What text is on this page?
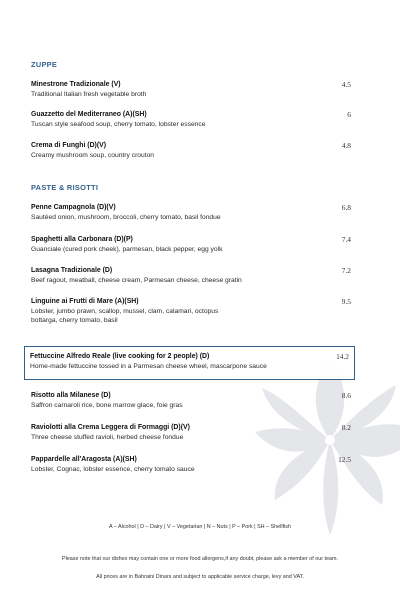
ZUPPE
Minestrone Tradizionale (V)
Traditional Italian fresh vegetable broth
4.5
Guazzetto del Mediterraneo (A)(SH)
Tuscan style seafood soup, cherry tomato, lobster essence
6
Crema di Funghi (D)(V)
Creamy mushroom soup, country crouton
4.8
PASTE & RISOTTI
Penne Campagnola (D)(V)
Sautéed onion, mushroom, broccoli, cherry tomato, basil fondue
6.8
Spaghetti alla Carbonara (D)(P)
Guanciale (cured pork cheek), parmesan, black pepper, egg yolk
7.4
Lasagna Tradizionale (D)
Beef ragout, meatball, cheese cream, Parmesan cheese, cheese gratin
7.2
Linguine ai Frutti di Mare (A)(SH)
Lobster, jumbo prawn, scallop, mussel, clam, calamari, octopus
bottarga, cherry tomato, basil
9.5
Risotto alla Milanese (D)
Saffron carnaroli rice, bone marrow glace, foie gras
8.6
Raviolotti alla Crema Leggera di Formaggi (D)(V)
Three cheese stuffed ravioli, herbed cheese fondue
8.2
Pappardelle all'Aragosta (A)(SH)
Lobster, Cognac, lobster essence, cherry tomato sauce
12.5
Fettuccine Alfredo Reale (live cooking for 2 people) (D)
Home-made fettuccine tossed in a Parmesan cheese wheel, mascarpone sauce
14.2
A – Alcohol | D – Dairy | V – Vegetarian | N – Nuts | P – Pork | SH – Shellfish
Please note that our dishes may contain one or more food allergens,if any doubt, please ask a member of our team.
All prices are in Bahraini Dinars and subject to applicable service charge, levy and VAT.
